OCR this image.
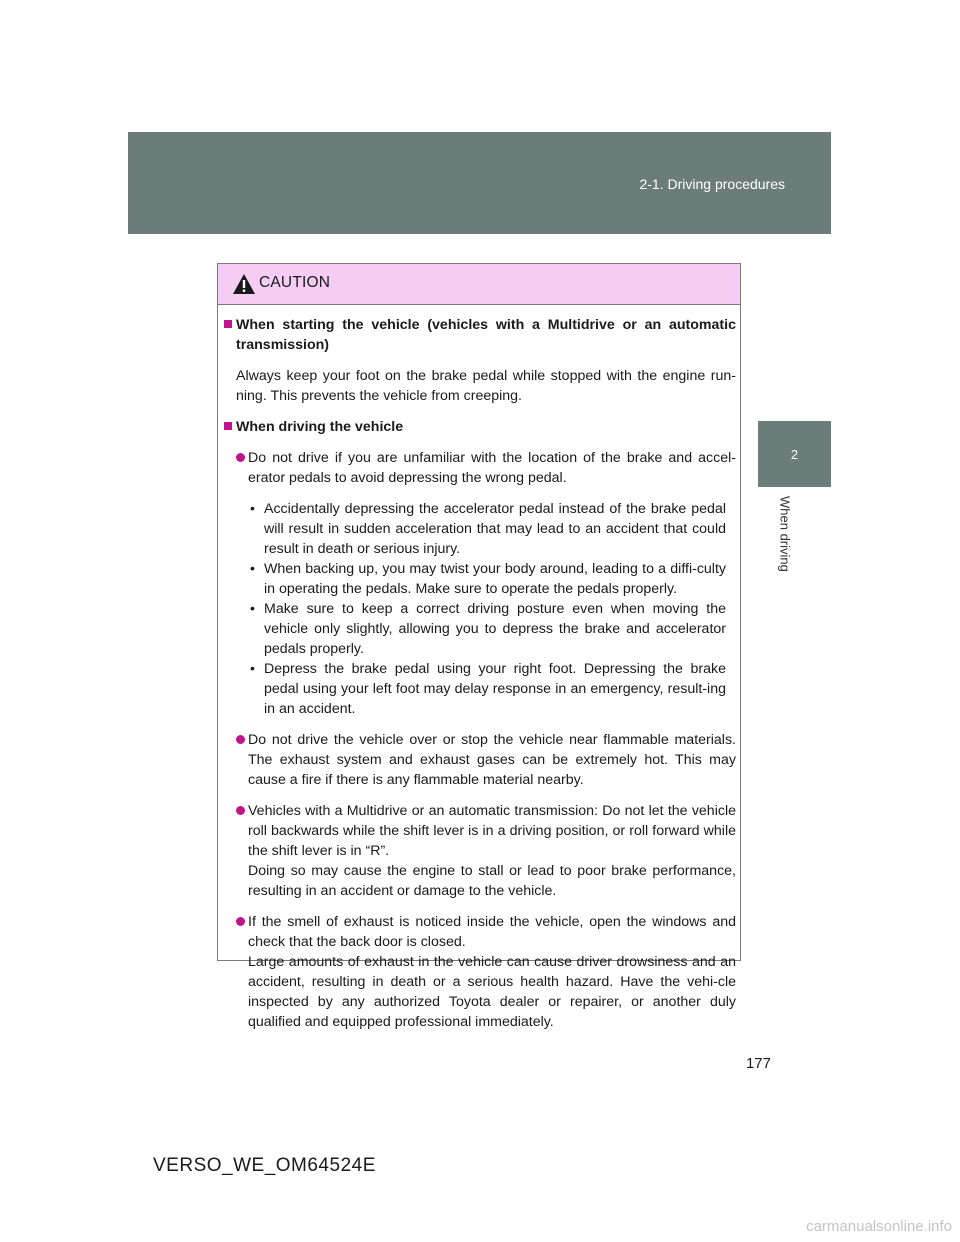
2-1. Driving procedures
2
When driving
CAUTION
When starting the vehicle (vehicles with a Multidrive or an automatic transmission)
Always keep your foot on the brake pedal while stopped with the engine run-ning. This prevents the vehicle from creeping.
When driving the vehicle
Do not drive if you are unfamiliar with the location of the brake and accel-erator pedals to avoid depressing the wrong pedal.
• Accidentally depressing the accelerator pedal instead of the brake pedal will result in sudden acceleration that may lead to an accident that could result in death or serious injury.
• When backing up, you may twist your body around, leading to a diffi-culty in operating the pedals. Make sure to operate the pedals properly.
• Make sure to keep a correct driving posture even when moving the vehicle only slightly, allowing you to depress the brake and accelerator pedals properly.
• Depress the brake pedal using your right foot. Depressing the brake pedal using your left foot may delay response in an emergency, result-ing in an accident.
Do not drive the vehicle over or stop the vehicle near flammable materials. The exhaust system and exhaust gases can be extremely hot. This may cause a fire if there is any flammable material nearby.
Vehicles with a Multidrive or an automatic transmission: Do not let the vehicle roll backwards while the shift lever is in a driving position, or roll forward while the shift lever is in “R”.
Doing so may cause the engine to stall or lead to poor brake performance, resulting in an accident or damage to the vehicle.
If the smell of exhaust is noticed inside the vehicle, open the windows and check that the back door is closed.
Large amounts of exhaust in the vehicle can cause driver drowsiness and an accident, resulting in death or a serious health hazard. Have the vehi-cle inspected by any authorized Toyota dealer or repairer, or another duly qualified and equipped professional immediately.
177
VERSO_WE_OM64524E
carmanualsonline.info
